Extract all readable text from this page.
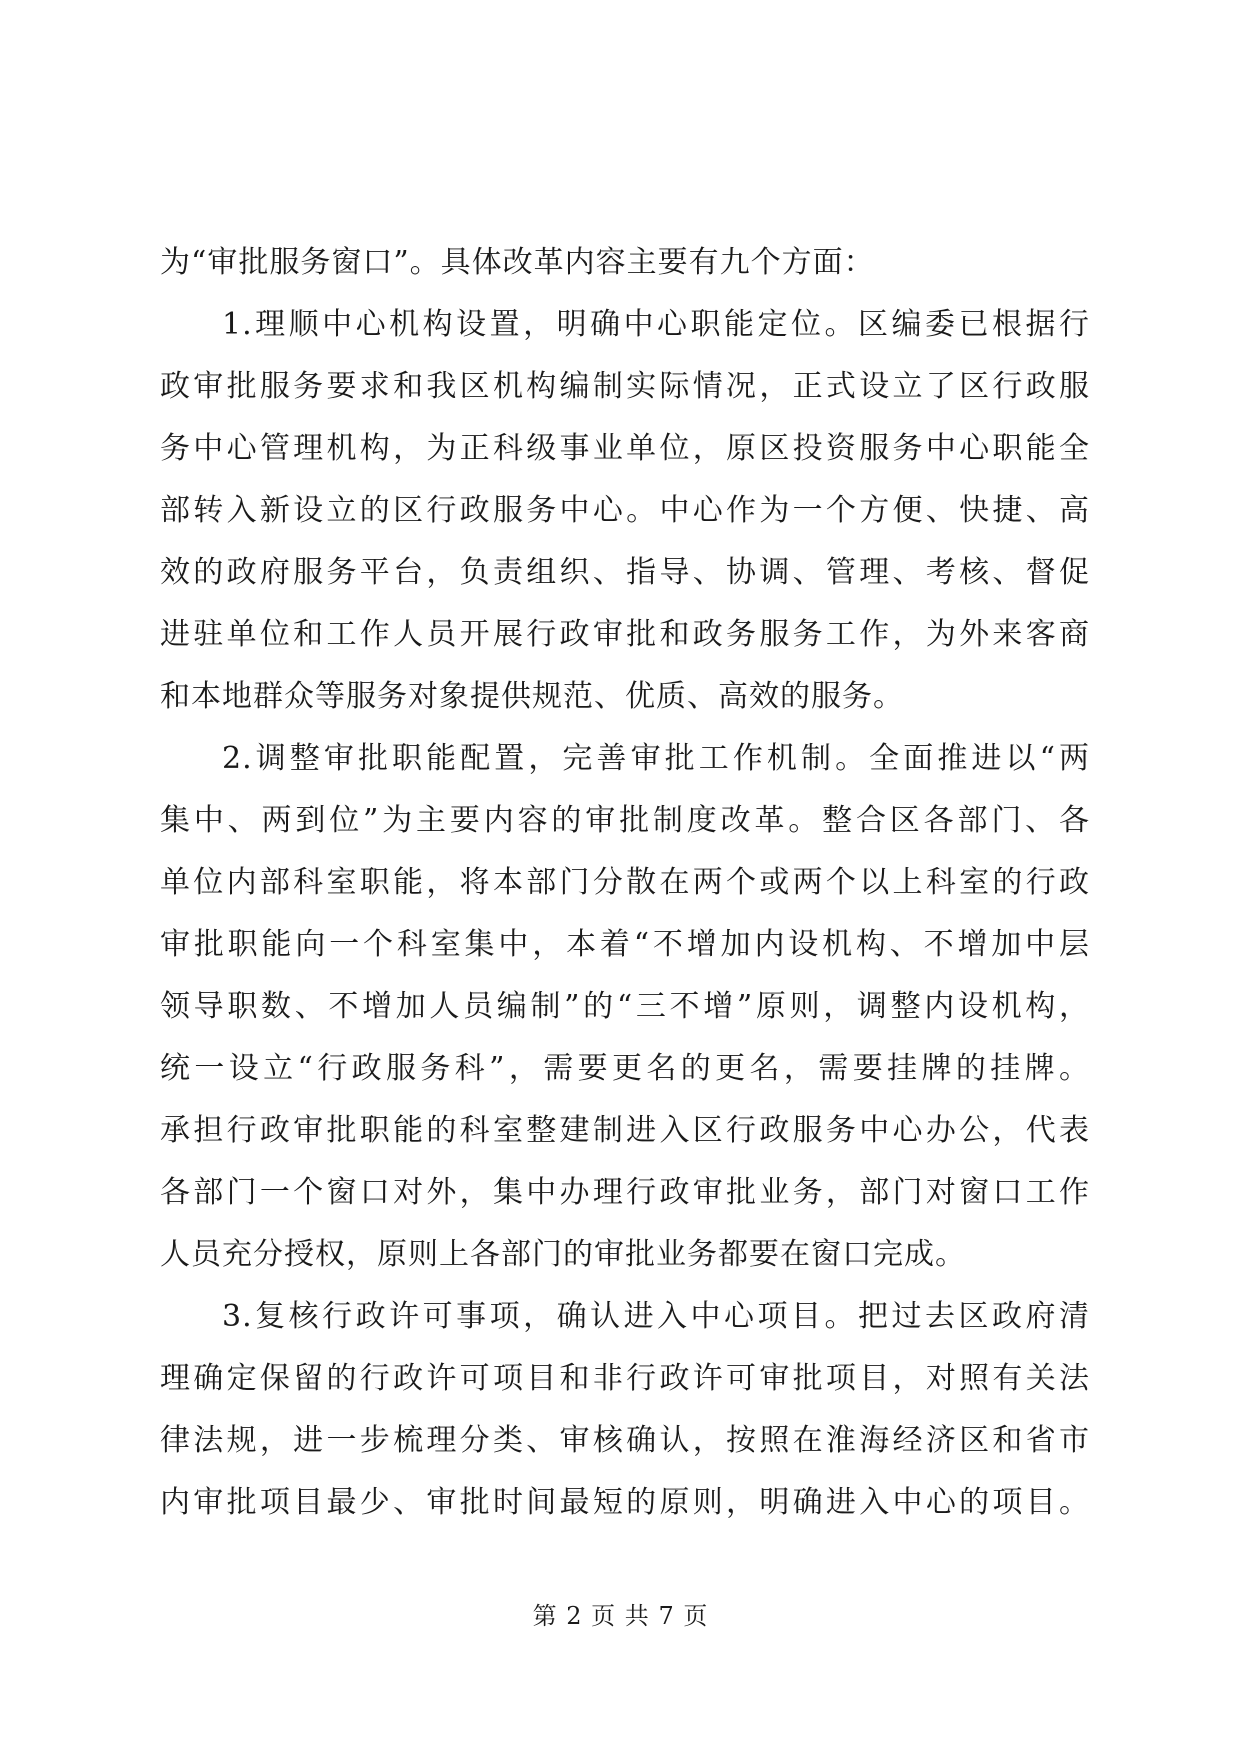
为“审批服务窗口”。具体改革内容主要有九个方面：
1.理顺中心机构设置，明确中心职能定位。区编委已根据行
政审批服务要求和我区机构编制实际情况，正式设立了区行政服
务中心管理机构，为正科级事业单位，原区投资服务中心职能全
部转入新设立的区行政服务中心。中心作为一个方便、快捷、高
效的政府服务平台，负责组织、指导、协调、管理、考核、督促
进驻单位和工作人员开展行政审批和政务服务工作，为外来客商
和本地群众等服务对象提供规范、优质、高效的服务。
2.调整审批职能配置，完善审批工作机制。全面推进以“两
集中、两到位”为主要内容的审批制度改革。整合区各部门、各
单位内部科室职能，将本部门分散在两个或两个以上科室的行政
审批职能向一个科室集中，本着“不增加内设机构、不增加中层
领导职数、不增加人员编制”的“三不增”原则，调整内设机构，
统一设立“行政服务科”，需要更名的更名，需要挂牌的挂牌。
承担行政审批职能的科室整建制进入区行政服务中心办公，代表
各部门一个窗口对外，集中办理行政审批业务，部门对窗口工作
人员充分授权，原则上各部门的审批业务都要在窗口完成。
3.复核行政许可事项，确认进入中心项目。把过去区政府清
理确定保留的行政许可项目和非行政许可审批项目，对照有关法
律法规，进一步梳理分类、审核确认，按照在淮海经济区和省市
内审批项目最少、审批时间最短的原则，明确进入中心的项目。
第 2 页 共 7 页
